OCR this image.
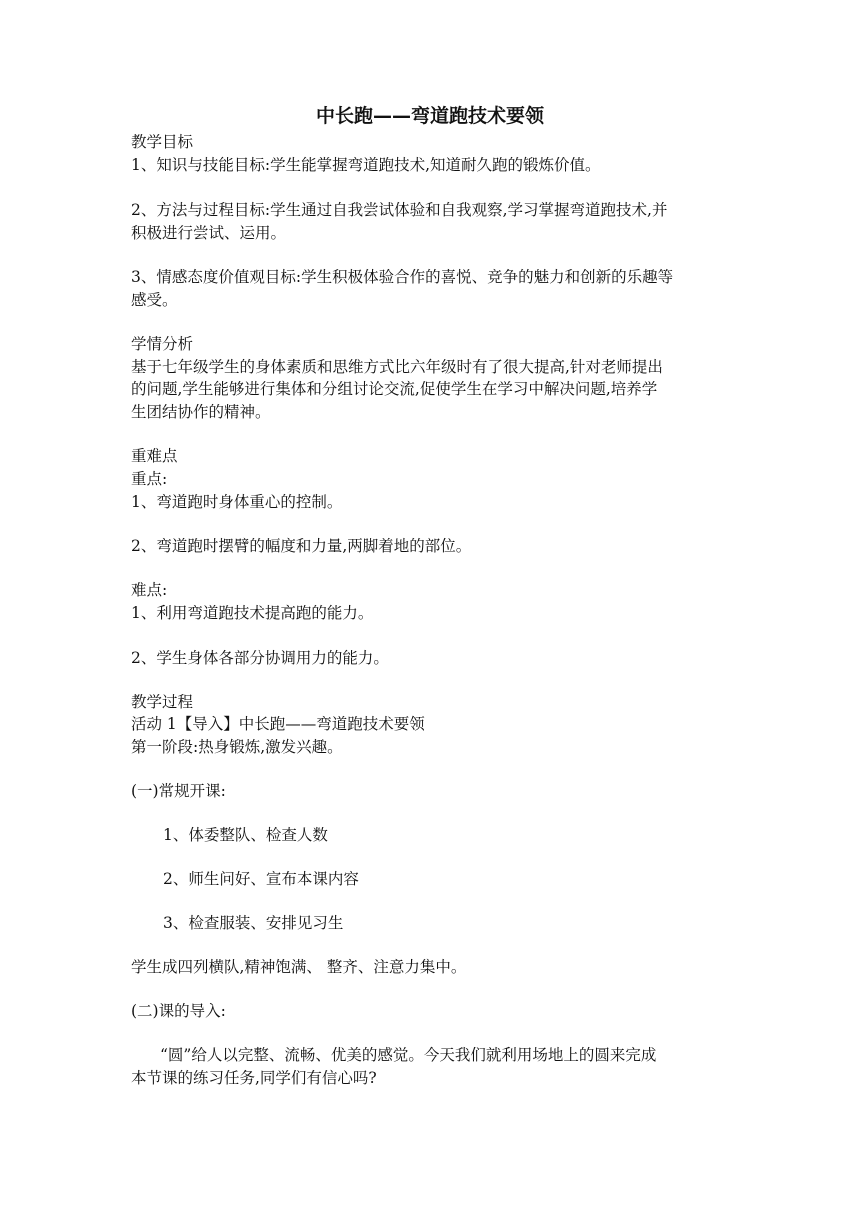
中长跑——弯道跑技术要领
教学目标
1、知识与技能目标:学生能掌握弯道跑技术,知道耐久跑的锻炼价值。
2、方法与过程目标:学生通过自我尝试体验和自我观察,学习掌握弯道跑技术,并
积极进行尝试、运用。
3、情感态度价值观目标:学生积极体验合作的喜悦、竞争的魅力和创新的乐趣等
感受。
学情分析
基于七年级学生的身体素质和思维方式比六年级时有了很大提高,针对老师提出
的问题,学生能够进行集体和分组讨论交流,促使学生在学习中解决问题,培养学
生团结协作的精神。
重难点
重点:
1、弯道跑时身体重心的控制。
2、弯道跑时摆臂的幅度和力量,两脚着地的部位。
难点:
1、利用弯道跑技术提高跑的能力。
2、学生身体各部分协调用力的能力。
教学过程
活动 1【导入】中长跑——弯道跑技术要领
第一阶段:热身锻炼,激发兴趣。
(一)常规开课:
1、体委整队、检查人数
2、师生问好、宣布本课内容
3、检查服装、安排见习生
学生成四列横队,精神饱满、 整齐、注意力集中。
(二)课的导入:
“圆”给人以完整、流畅、优美的感觉。今天我们就利用场地上的圆来完成
本节课的练习任务,同学们有信心吗?
